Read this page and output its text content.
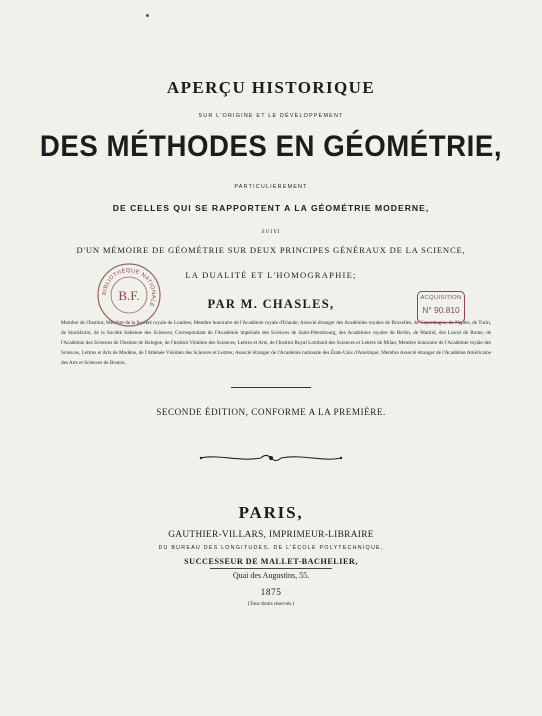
APERÇU HISTORIQUE
SUR L'ORIGINE ET LE DÉVELOPPEMENT
DES MÉTHODES EN GÉOMÉTRIE,
PARTICULIÈREMENT
DE CELLES QUI SE RAPPORTENT A LA GÉOMÉTRIE MODERNE,
SUIVI
D'UN MÉMOIRE DE GÉOMÉTRIE SUR DEUX PRINCIPES GÉNÉRAUX DE LA SCIENCE,
LA DUALITÉ ET L'HOMOGRAPHIE;
PAR M. CHASLES,
Membre de l'Institut; Membre de la Société royale de Londres; Membre honoraire de l'Académie royale d'Irlande; Associé étranger des Académies royales de Bruxelles, de Copenhague, de Naples, de Turin, de Stockholm, de la Société Italienne des Sciences; Correspondant de l'Académie impériale des Sciences de Saint-Pétersbourg, des Académies royales de Berlin, de Madrid, des Lincei de Rome, de l'Académie des Sciences de l'Institut de Bologne, de l'Institut Vénitien des Sciences, Lettres et Arts, de l'Institut Royal Lombard des Sciences et Lettres de Milan; Membre honoraire de l'Académie royale des Sciences, Lettres et Arts de Modène, de l'Athénée Vénitien des Sciences et Lettres; Associé étranger de l'Académie nationale des États-Unis d'Amérique; Membre Associé étranger de l'Académie Américaine des Arts et Sciences de Boston.
SECONDE ÉDITION, CONFORME A LA PREMIÈRE.
PARIS,
GAUTHIER-VILLARS, IMPRIMEUR-LIBRAIRE
DU BUREAU DES LONGITUDES, DE L'ÉCOLE POLYTECHNIQUE,
SUCCESSEUR DE MALLET-BACHELIER,
Quai des Augustins, 55.
1875
(Tous droits réservés.)
BIBLIOTHÈQUE NATIONALE
B.F.	ACQUISITION
N° 90.810
